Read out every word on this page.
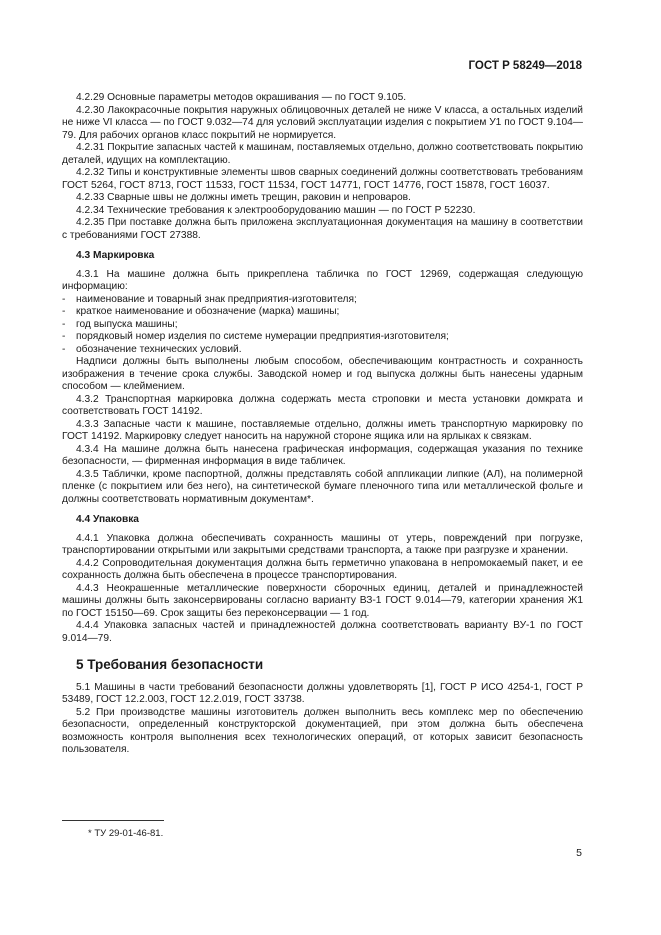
ГОСТ Р 58249—2018

4.2.29 Основные параметры методов окрашивания — по ГОСТ 9.105.

4.2.30 Лакокрасочные покрытия наружных облицовочных деталей не ниже V класса, а остальных изделий не ниже VI класса — по ГОСТ 9.032—74 для условий эксплуатации изделия с покрытием У1 по ГОСТ 9.104—79. Для рабочих органов класс покрытий не нормируется.

4.2.31 Покрытие запасных частей к машинам, поставляемых отдельно, должно соответствовать покрытию деталей, идущих на комплектацию.

4.2.32 Типы и конструктивные элементы швов сварных соединений должны соответствовать требованиям ГОСТ 5264, ГОСТ 8713, ГОСТ 11533, ГОСТ 11534, ГОСТ 14771, ГОСТ 14776, ГОСТ 15878, ГОСТ 16037.

4.2.33 Сварные швы не должны иметь трещин, раковин и непроваров.

4.2.34 Технические требования к электрооборудованию машин — по ГОСТ Р 52230.

4.2.35 При поставке должна быть приложена эксплуатационная документация на машину в соответствии с требованиями ГОСТ 27388.

4.3 Маркировка

4.3.1 На машине должна быть прикреплена табличка по ГОСТ 12969, содержащая следующую информацию:

- наименование и товарный знак предприятия-изготовителя;
- краткое наименование и обозначение (марка) машины;
- год выпуска машины;
- порядковый номер изделия по системе нумерации предприятия-изготовителя;
- обозначение технических условий.

Надписи должны быть выполнены любым способом, обеспечивающим контрастность и сохранность изображения в течение срока службы. Заводской номер и год выпуска должны быть нанесены ударным способом — клеймением.

4.3.2 Транспортная маркировка должна содержать места строповки и места установки домкрата и соответствовать ГОСТ 14192.

4.3.3 Запасные части к машине, поставляемые отдельно, должны иметь транспортную маркировку по ГОСТ 14192. Маркировку следует наносить на наружной стороне ящика или на ярлыках к связкам.

4.3.4 На машине должна быть нанесена графическая информация, содержащая указания по технике безопасности, — фирменная информация в виде табличек.

4.3.5 Таблички, кроме паспортной, должны представлять собой аппликации липкие (АЛ), на полимерной пленке (с покрытием или без него), на синтетической бумаге пленочного типа или металлической фольге и должны соответствовать нормативным документам*.

4.4 Упаковка

4.4.1 Упаковка должна обеспечивать сохранность машины от утерь, повреждений при погрузке, транспортировании открытыми или закрытыми средствами транспорта, а также при разгрузке и хранении.

4.4.2 Сопроводительная документация должна быть герметично упакована в непромокаемый пакет, и ее сохранность должна быть обеспечена в процессе транспортирования.

4.4.3 Неокрашенные металлические поверхности сборочных единиц, деталей и принадлежностей машины должны быть законсервированы согласно варианту ВЗ-1 ГОСТ 9.014—79, категории хранения Ж1 по ГОСТ 15150—69. Срок защиты без переконсервации — 1 год.

4.4.4 Упаковка запасных частей и принадлежностей должна соответствовать варианту ВУ-1 по ГОСТ 9.014—79.

5 Требования безопасности

5.1 Машины в части требований безопасности должны удовлетворять [1], ГОСТ Р ИСО 4254-1, ГОСТ Р 53489, ГОСТ 12.2.003, ГОСТ 12.2.019, ГОСТ 33738.

5.2 При производстве машины изготовитель должен выполнить весь комплекс мер по обеспечению безопасности, определенный конструкторской документацией, при этом должна быть обеспечена возможность контроля выполнения всех технологических операций, от которых зависит безопасность пользователя.

* ТУ 29-01-46-81.
5
